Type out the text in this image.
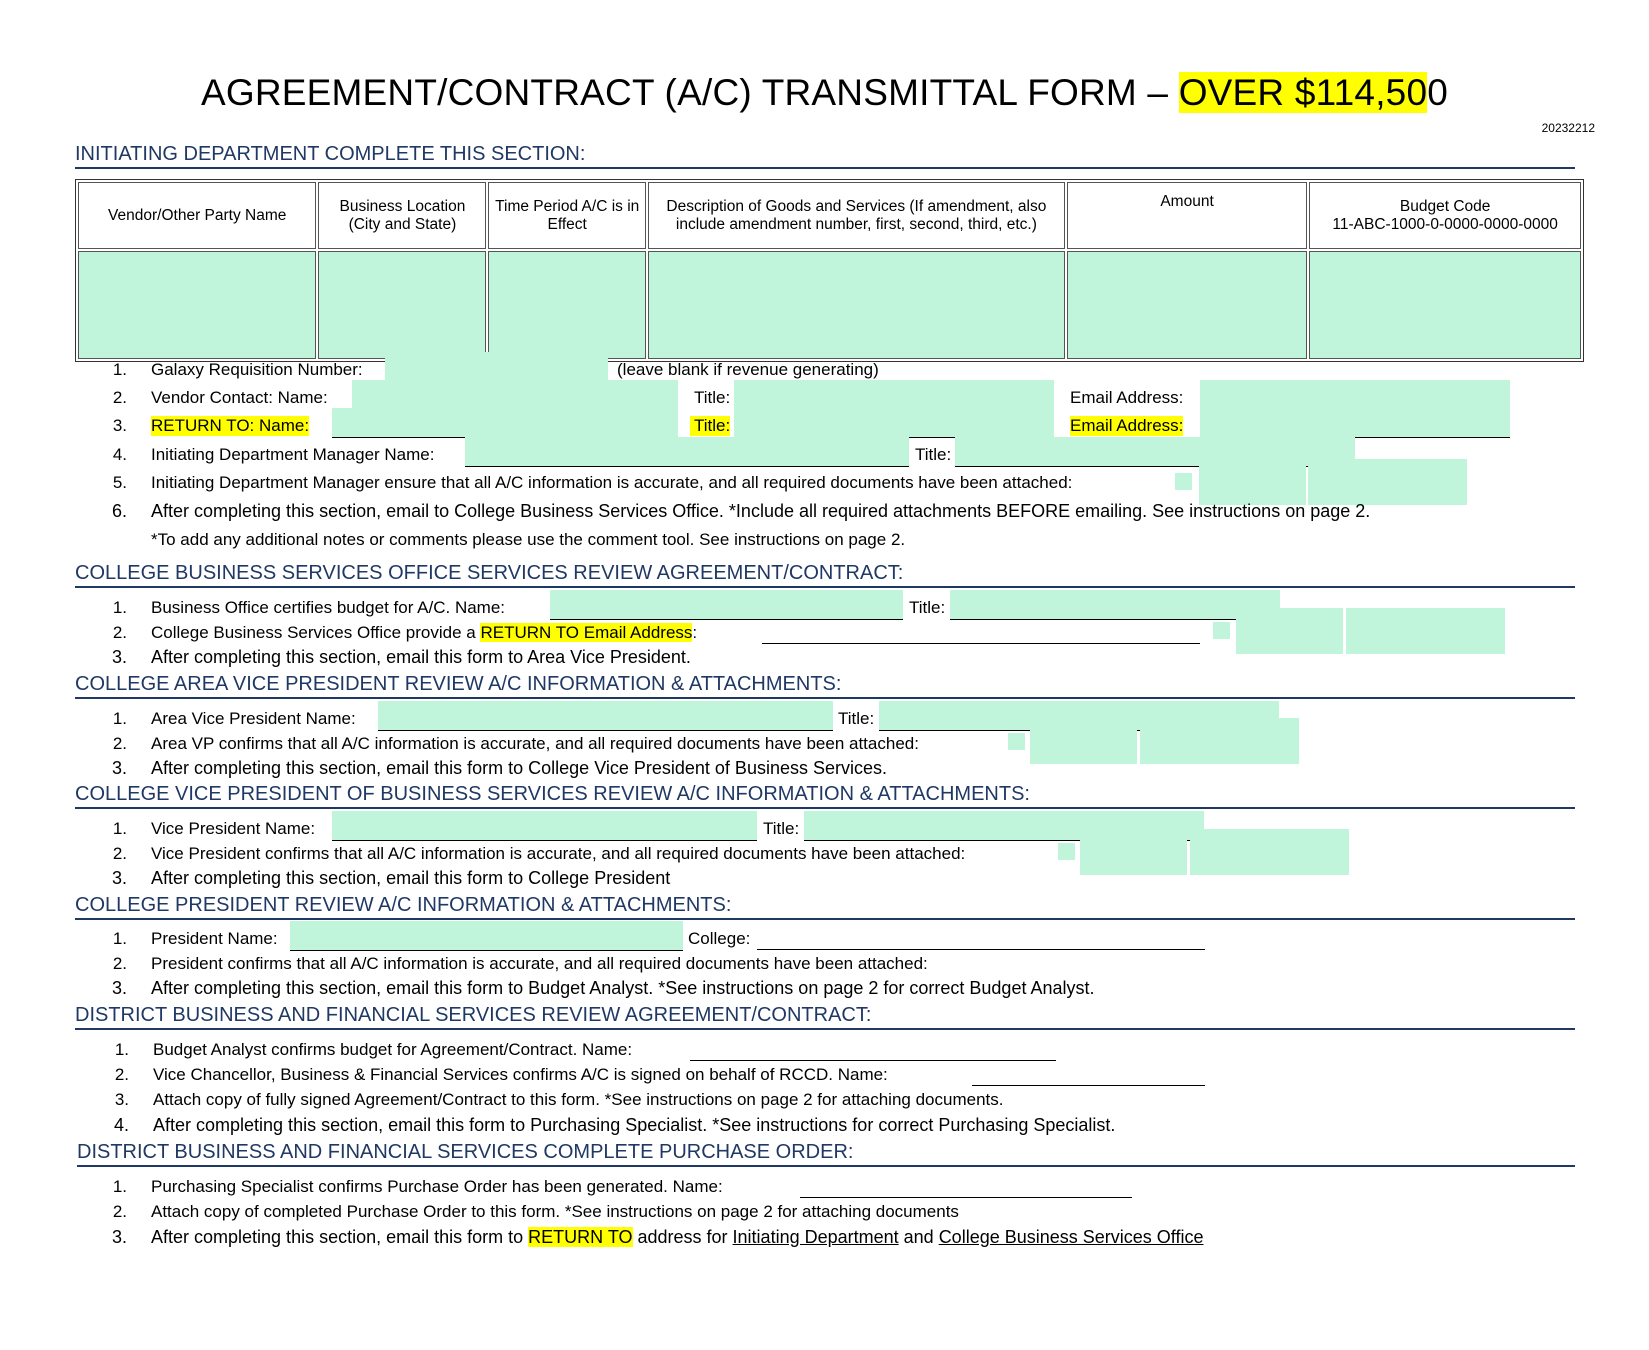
AGREEMENT/CONTRACT (A/C) TRANSMITTAL FORM – OVER $114,500
20232212
INITIATING DEPARTMENT COMPLETE THIS SECTION:
Vendor/Other Party Name	Business Location (City and State)	Time Period A/C is in Effect	Description of Goods and Services (If amendment, also include amendment number, first, second, third, etc.)	Amount	Budget Code
11-ABC-1000-0-0000-0000-0000

1. Galaxy Requisition Number:	(leave blank if revenue generating)
2. Vendor Contact: Name:	Title:	Email Address:
3. RETURN TO: Name:	Title:	Email Address:
4. Initiating Department Manager Name:	Title:
5. Initiating Department Manager ensure that all A/C information is accurate, and all required documents have been attached:
6. After completing this section, email to College Business Services Office. *Include all required attachments BEFORE emailing. See instructions on page 2.
*To add any additional notes or comments please use the comment tool. See instructions on page 2.
COLLEGE BUSINESS SERVICES OFFICE SERVICES REVIEW AGREEMENT/CONTRACT:
1. Business Office certifies budget for A/C. Name:	Title:
2. College Business Services Office provide a RETURN TO Email Address:
3. After completing this section, email this form to Area Vice President.
COLLEGE AREA VICE PRESIDENT REVIEW A/C INFORMATION & ATTACHMENTS:
1. Area Vice President Name:	Title:
2. Area VP confirms that all A/C information is accurate, and all required documents have been attached:
3. After completing this section, email this form to College Vice President of Business Services.
COLLEGE VICE PRESIDENT OF BUSINESS SERVICES REVIEW A/C INFORMATION & ATTACHMENTS:
1. Vice President Name:	Title:
2. Vice President confirms that all A/C information is accurate, and all required documents have been attached:
3. After completing this section, email this form to College President
COLLEGE PRESIDENT REVIEW A/C INFORMATION & ATTACHMENTS:
1. President Name:	College:
2. President confirms that all A/C information is accurate, and all required documents have been attached:
3. After completing this section, email this form to Budget Analyst. *See instructions on page 2 for correct Budget Analyst.
DISTRICT BUSINESS AND FINANCIAL SERVICES REVIEW AGREEMENT/CONTRACT:
1. Budget Analyst confirms budget for Agreement/Contract. Name:
2. Vice Chancellor, Business & Financial Services confirms A/C is signed on behalf of RCCD. Name:
3. Attach copy of fully signed Agreement/Contract to this form. *See instructions on page 2 for attaching documents.
4. After completing this section, email this form to Purchasing Specialist. *See instructions for correct Purchasing Specialist.
DISTRICT BUSINESS AND FINANCIAL SERVICES COMPLETE PURCHASE ORDER:
1. Purchasing Specialist confirms Purchase Order has been generated. Name:
2. Attach copy of completed Purchase Order to this form. *See instructions on page 2 for attaching documents
3. After completing this section, email this form to RETURN TO address for Initiating Department and College Business Services Office
